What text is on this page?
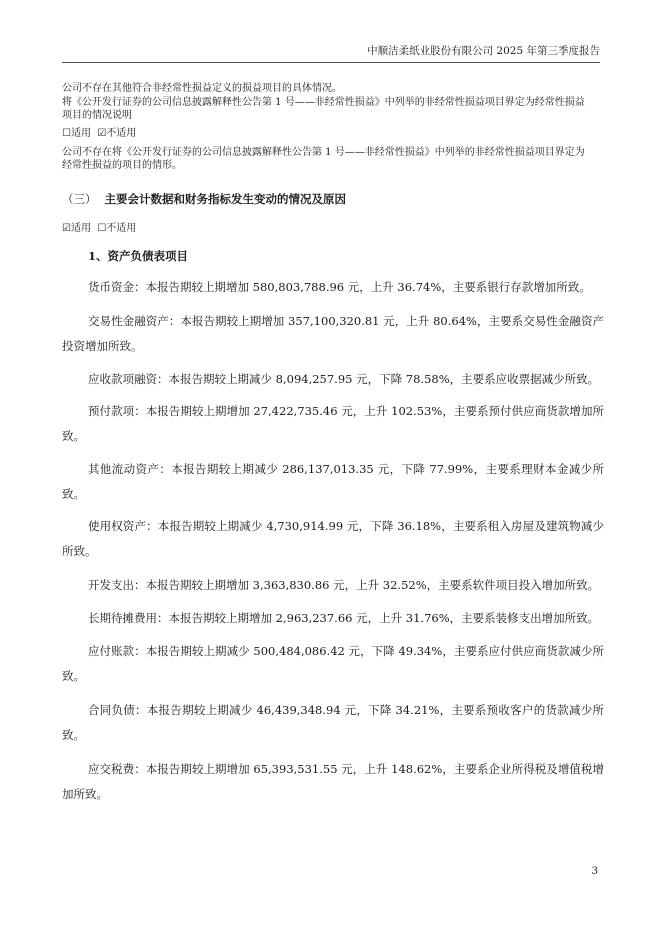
中顺洁柔纸业股份有限公司 2025 年第三季度报告
公司不存在其他符合非经常性损益定义的损益项目的具体情况。
将《公开发行证券的公司信息披露解释性公告第 1 号——非经常性损益》中列举的非经常性损益项目界定为经常性损益
项目的情况说明
☐适用 ☑不适用
公司不存在将《公开发行证券的公司信息披露解释性公告第 1 号——非经常性损益》中列举的非经常性损益项目界定为
经常性损益的项目的情形。
（三） 主要会计数据和财务指标发生变动的情况及原因
☑适用 ☐不适用
1、资产负债表项目
货币资金：本报告期较上期增加 580,803,788.96 元，上升 36.74%，主要系银行存款增加所致。
交易性金融资产：本报告期较上期增加 357,100,320.81 元，上升 80.64%，主要系交易性金融资产投资增加所致。
应收款项融资：本报告期较上期减少 8,094,257.95 元，下降 78.58%，主要系应收票据减少所致。
预付款项：本报告期较上期增加 27,422,735.46 元，上升 102.53%，主要系预付供应商货款增加所致。
其他流动资产：本报告期较上期减少 286,137,013.35 元，下降 77.99%，主要系理财本金减少所致。
使用权资产：本报告期较上期减少 4,730,914.99 元，下降 36.18%，主要系租入房屋及建筑物减少所致。
开发支出：本报告期较上期增加 3,363,830.86 元，上升 32.52%，主要系软件项目投入增加所致。
长期待摊费用：本报告期较上期增加 2,963,237.66 元，上升 31.76%，主要系装修支出增加所致。
应付账款：本报告期较上期减少 500,484,086.42 元，下降 49.34%，主要系应付供应商货款减少所致。
合同负债：本报告期较上期减少 46,439,348.94 元，下降 34.21%，主要系预收客户的货款减少所致。
应交税费：本报告期较上期增加 65,393,531.55 元，上升 148.62%，主要系企业所得税及增值税增加所致。
3
